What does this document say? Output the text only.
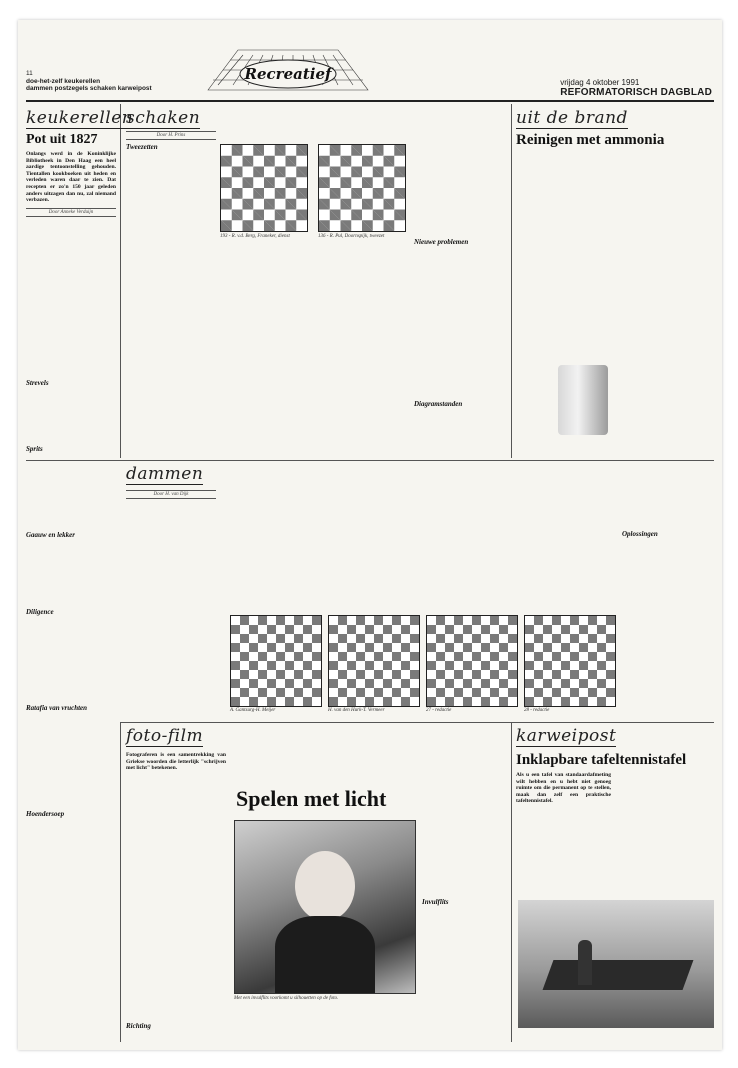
11
doe-het-zelf keukerellen
dammen postzegels schaken karweipost
Recreatief	vrijdag 4 oktober 1991
REFORMATORISCH DAGBLAD
keukerellen
Pot uit 1827
Onlangs werd in de Koninklijke Bibliotheek in Den Haag een heel aardige tentoonstelling gehouden. Tientallen kookboeken uit heden en verleden waren daar te zien. Dat recepten er zo'n 150 jaar geleden anders uitzagen dan nu, zal niemand verbazen.
Door Anneke Verduijn
Strevels
Sprits
Gaauw en lekker
Diligence
Ratafia van vruchten
Hoendersoep
schaken
Door H. Prins
Tweezetten
193 - R. v.d. Berg, Franeker, dienst	136 - R. Pul, Doornspijk, tweezet
Nieuwe problemen
Diagramstanden
uit de brand
Reinigen met ammonia
dammen
Door H. van Dijk
A. Gantsurg-H. Meijer	H. van den Hurk-T. Vermeer	27 - redactie	28 - redactie
Oplossingen
foto-film
Fotograferen is een samentrekking van Griekse woorden die letterlijk "schrijven met licht" betekenen.
Spelen met licht
Met een invulflits voorkomt u silhouetten op de foto.
Invulflits
Richting
karweipost
Inklapbare tafeltennistafel
Als u een tafel van standaardafmeting wilt hebben en u hebt niet genoeg ruimte om die permanent op te stellen, maak dan zelf een praktische tafeltennistafel.
